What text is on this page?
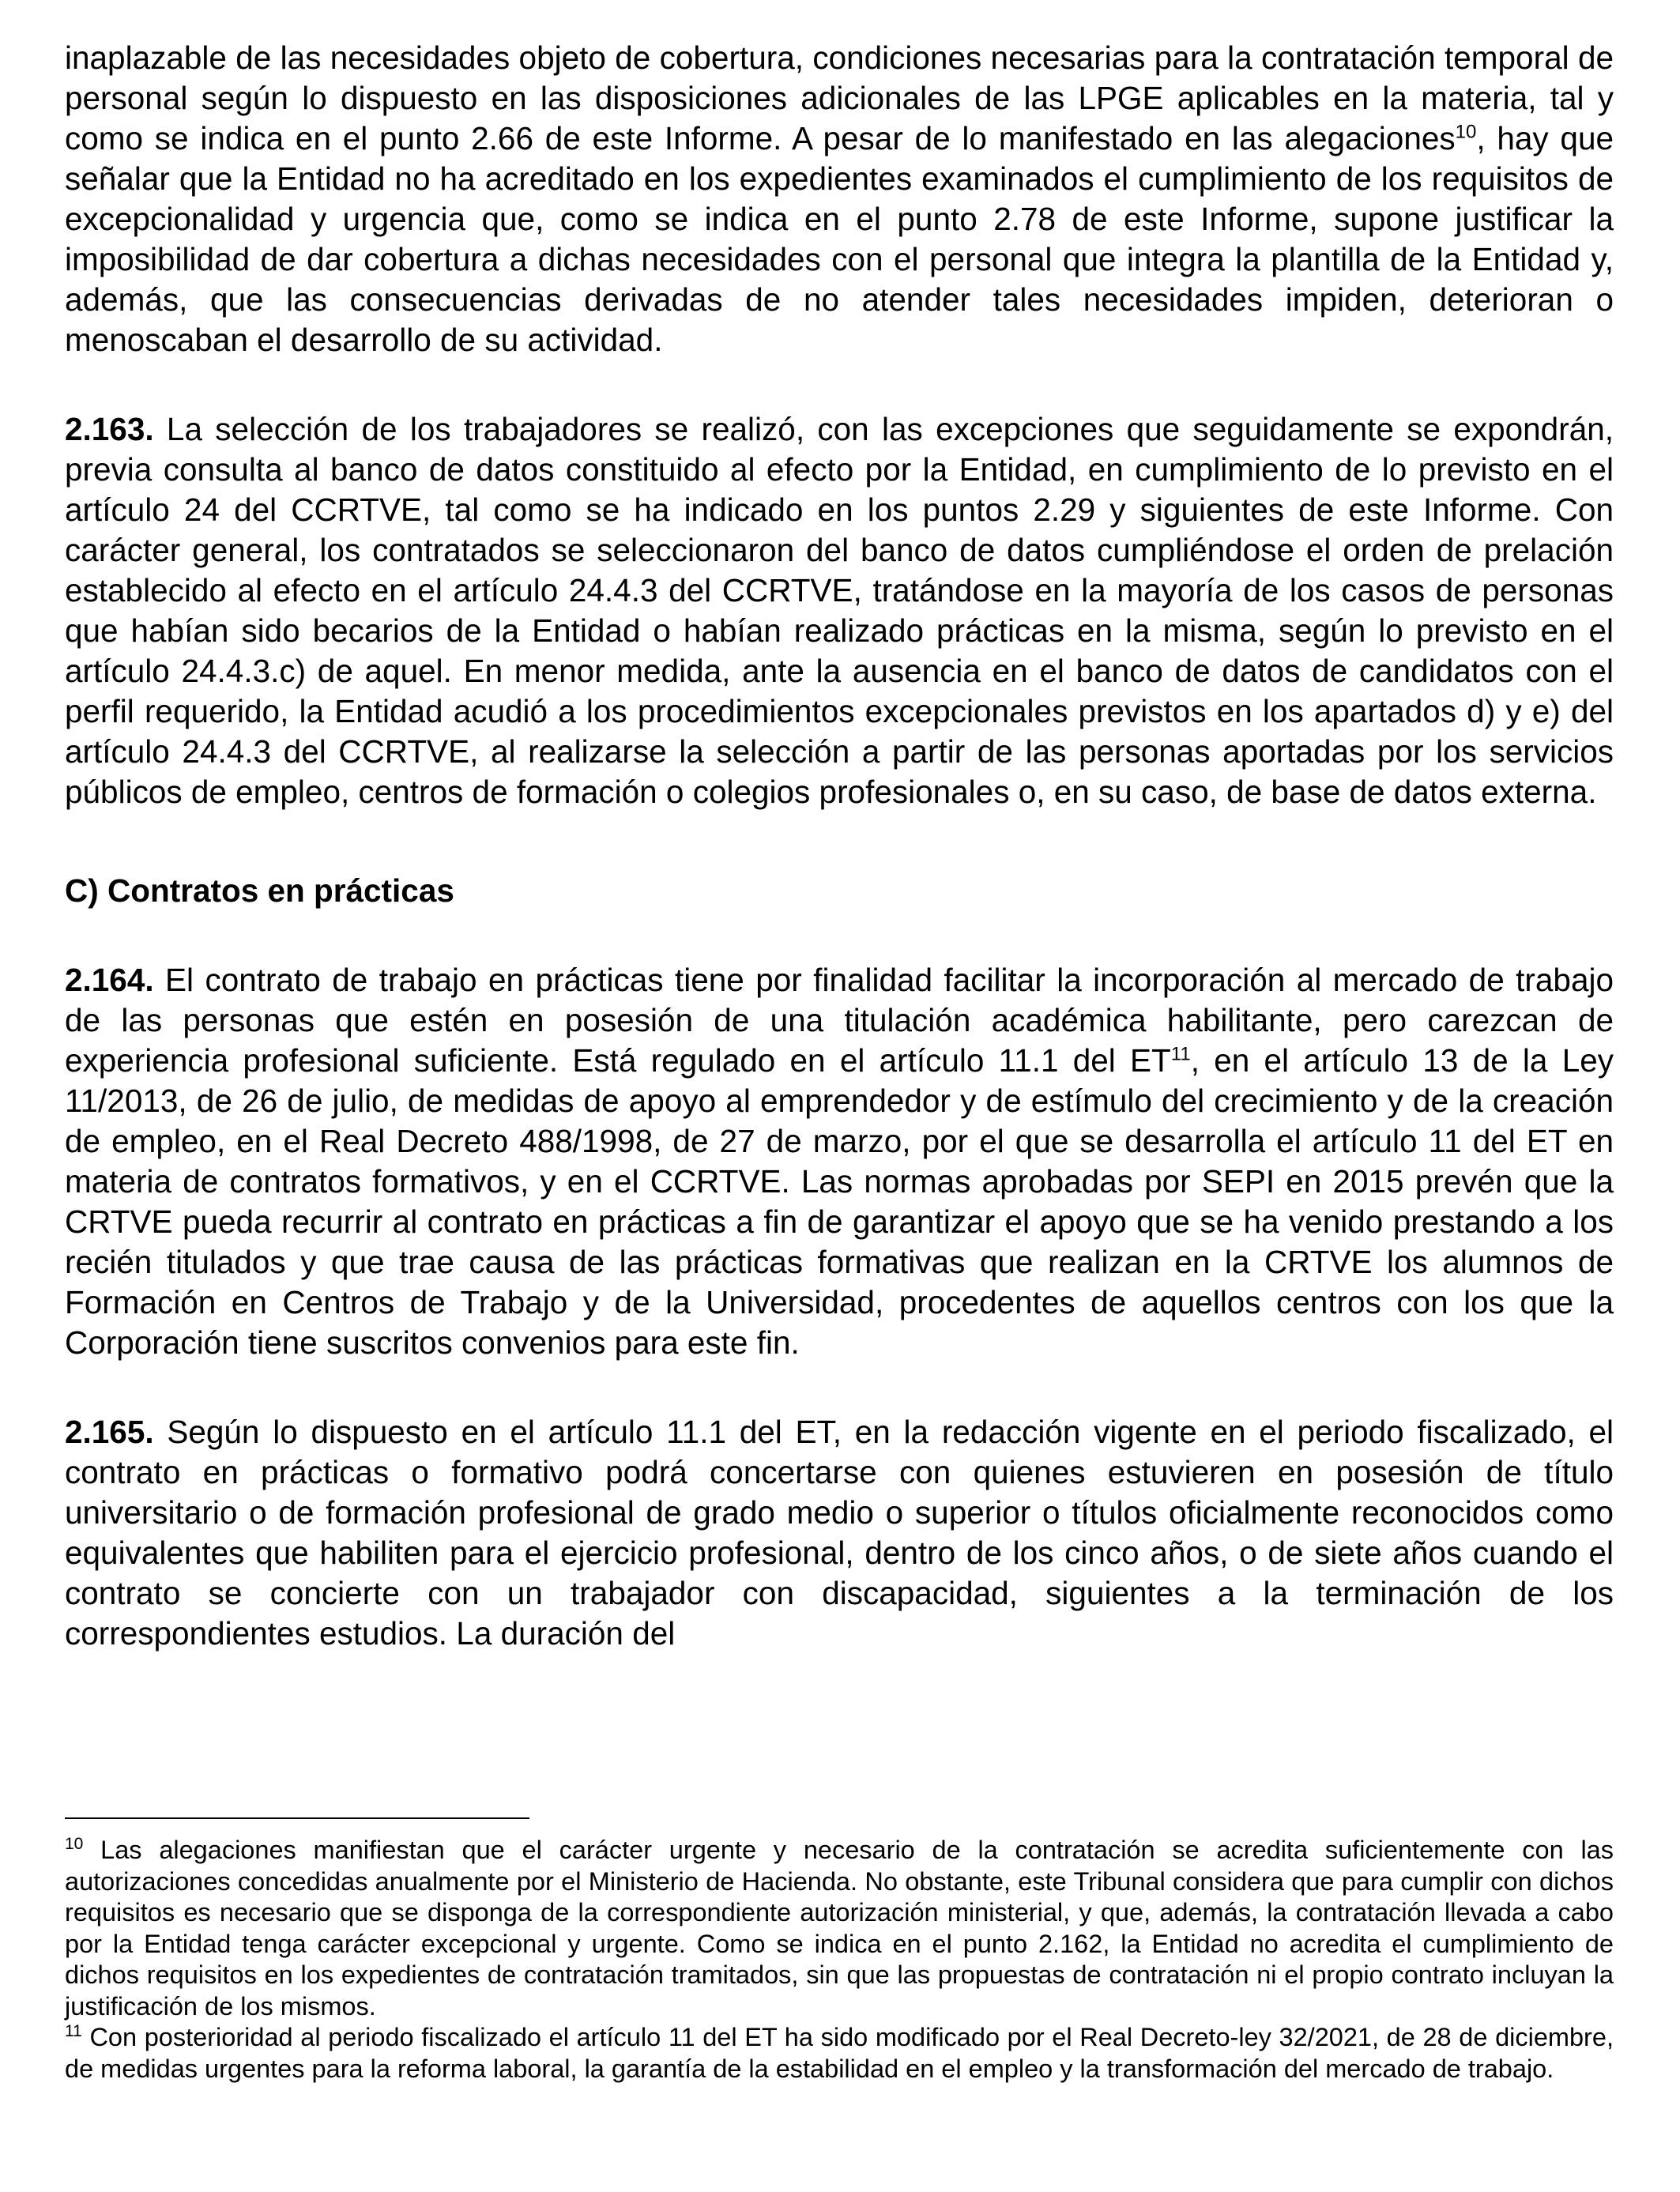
inaplazable de las necesidades objeto de cobertura, condiciones necesarias para la contratación temporal de personal según lo dispuesto en las disposiciones adicionales de las LPGE aplicables en la materia, tal y como se indica en el punto 2.66 de este Informe. A pesar de lo manifestado en las alegaciones$^{10}$, hay que señalar que la Entidad no ha acreditado en los expedientes examinados el cumplimiento de los requisitos de excepcionalidad y urgencia que, como se indica en el punto 2.78 de este Informe, supone justificar la imposibilidad de dar cobertura a dichas necesidades con el personal que integra la plantilla de la Entidad y, además, que las consecuencias derivadas de no atender tales necesidades impiden, deterioran o menoscaban el desarrollo de su actividad.

2.163. La selección de los trabajadores se realizó, con las excepciones que seguidamente se expondrán, previa consulta al banco de datos constituido al efecto por la Entidad, en cumplimiento de lo previsto en el artículo 24 del CCRTVE, tal como se ha indicado en los puntos 2.29 y siguientes de este Informe. Con carácter general, los contratados se seleccionaron del banco de datos cumpliéndose el orden de prelación establecido al efecto en el artículo 24.4.3 del CCRTVE, tratándose en la mayoría de los casos de personas que habían sido becarios de la Entidad o habían realizado prácticas en la misma, según lo previsto en el artículo 24.4.3.c) de aquel. En menor medida, ante la ausencia en el banco de datos de candidatos con el perfil requerido, la Entidad acudió a los procedimientos excepcionales previstos en los apartados d) y e) del artículo 24.4.3 del CCRTVE, al realizarse la selección a partir de las personas aportadas por los servicios públicos de empleo, centros de formación o colegios profesionales o, en su caso, de base de datos externa.

C) Contratos en prácticas

2.164. El contrato de trabajo en prácticas tiene por finalidad facilitar la incorporación al mercado de trabajo de las personas que estén en posesión de una titulación académica habilitante, pero carezcan de experiencia profesional suficiente. Está regulado en el artículo 11.1 del ET$^{11}$, en el artículo 13 de la Ley 11/2013, de 26 de julio, de medidas de apoyo al emprendedor y de estímulo del crecimiento y de la creación de empleo, en el Real Decreto 488/1998, de 27 de marzo, por el que se desarrolla el artículo 11 del ET en materia de contratos formativos, y en el CCRTVE. Las normas aprobadas por SEPI en 2015 prevén que la CRTVE pueda recurrir al contrato en prácticas a fin de garantizar el apoyo que se ha venido prestando a los recién titulados y que trae causa de las prácticas formativas que realizan en la CRTVE los alumnos de Formación en Centros de Trabajo y de la Universidad, procedentes de aquellos centros con los que la Corporación tiene suscritos convenios para este fin.

2.165. Según lo dispuesto en el artículo 11.1 del ET, en la redacción vigente en el periodo fiscalizado, el contrato en prácticas o formativo podrá concertarse con quienes estuvieren en posesión de título universitario o de formación profesional de grado medio o superior o títulos oficialmente reconocidos como equivalentes que habiliten para el ejercicio profesional, dentro de los cinco años, o de siete años cuando el contrato se concierte con un trabajador con discapacidad, siguientes a la terminación de los correspondientes estudios. La duración del

$^{10}$ Las alegaciones manifiestan que el carácter urgente y necesario de la contratación se acredita suficientemente con las autorizaciones concedidas anualmente por el Ministerio de Hacienda. No obstante, este Tribunal considera que para cumplir con dichos requisitos es necesario que se disponga de la correspondiente autorización ministerial, y que, además, la contratación llevada a cabo por la Entidad tenga carácter excepcional y urgente. Como se indica en el punto 2.162, la Entidad no acredita el cumplimiento de dichos requisitos en los expedientes de contratación tramitados, sin que las propuestas de contratación ni el propio contrato incluyan la justificación de los mismos.

$^{11}$ Con posterioridad al periodo fiscalizado el artículo 11 del ET ha sido modificado por el Real Decreto-ley 32/2021, de 28 de diciembre, de medidas urgentes para la reforma laboral, la garantía de la estabilidad en el empleo y la transformación del mercado de trabajo.
